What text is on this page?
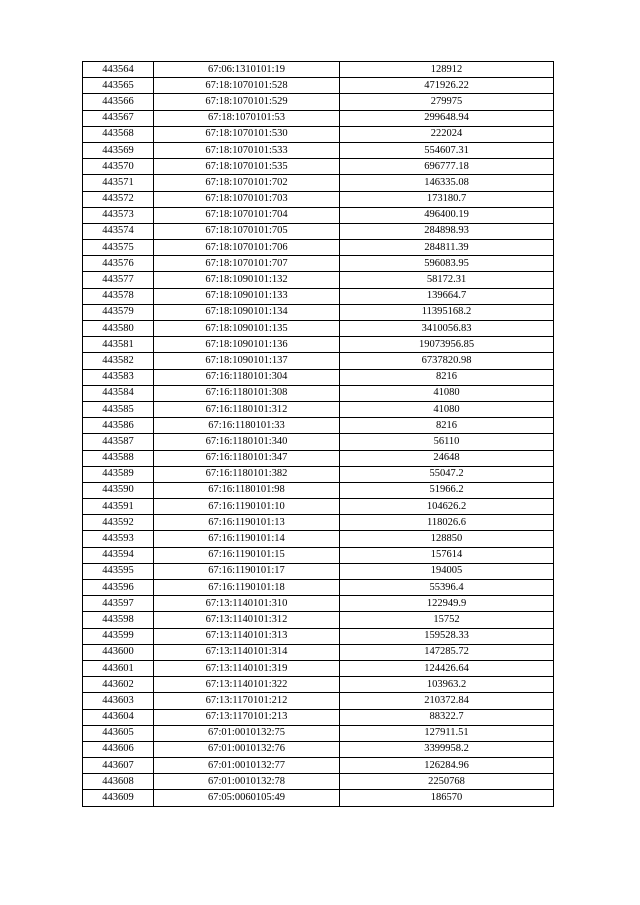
443564	67:06:1310101:19	128912
443565	67:18:1070101:528	471926.22
443566	67:18:1070101:529	279975
443567	67:18:1070101:53	299648.94
443568	67:18:1070101:530	222024
443569	67:18:1070101:533	554607.31
443570	67:18:1070101:535	696777.18
443571	67:18:1070101:702	146335.08
443572	67:18:1070101:703	173180.7
443573	67:18:1070101:704	496400.19
443574	67:18:1070101:705	284898.93
443575	67:18:1070101:706	284811.39
443576	67:18:1070101:707	596083.95
443577	67:18:1090101:132	58172.31
443578	67:18:1090101:133	139664.7
443579	67:18:1090101:134	11395168.2
443580	67:18:1090101:135	3410056.83
443581	67:18:1090101:136	19073956.85
443582	67:18:1090101:137	6737820.98
443583	67:16:1180101:304	8216
443584	67:16:1180101:308	41080
443585	67:16:1180101:312	41080
443586	67:16:1180101:33	8216
443587	67:16:1180101:340	56110
443588	67:16:1180101:347	24648
443589	67:16:1180101:382	55047.2
443590	67:16:1180101:98	51966.2
443591	67:16:1190101:10	104626.2
443592	67:16:1190101:13	118026.6
443593	67:16:1190101:14	128850
443594	67:16:1190101:15	157614
443595	67:16:1190101:17	194005
443596	67:16:1190101:18	55396.4
443597	67:13:1140101:310	122949.9
443598	67:13:1140101:312	15752
443599	67:13:1140101:313	159528.33
443600	67:13:1140101:314	147285.72
443601	67:13:1140101:319	124426.64
443602	67:13:1140101:322	103963.2
443603	67:13:1170101:212	210372.84
443604	67:13:1170101:213	88322.7
443605	67:01:0010132:75	127911.51
443606	67:01:0010132:76	3399958.2
443607	67:01:0010132:77	126284.96
443608	67:01:0010132:78	2250768
443609	67:05:0060105:49	186570
